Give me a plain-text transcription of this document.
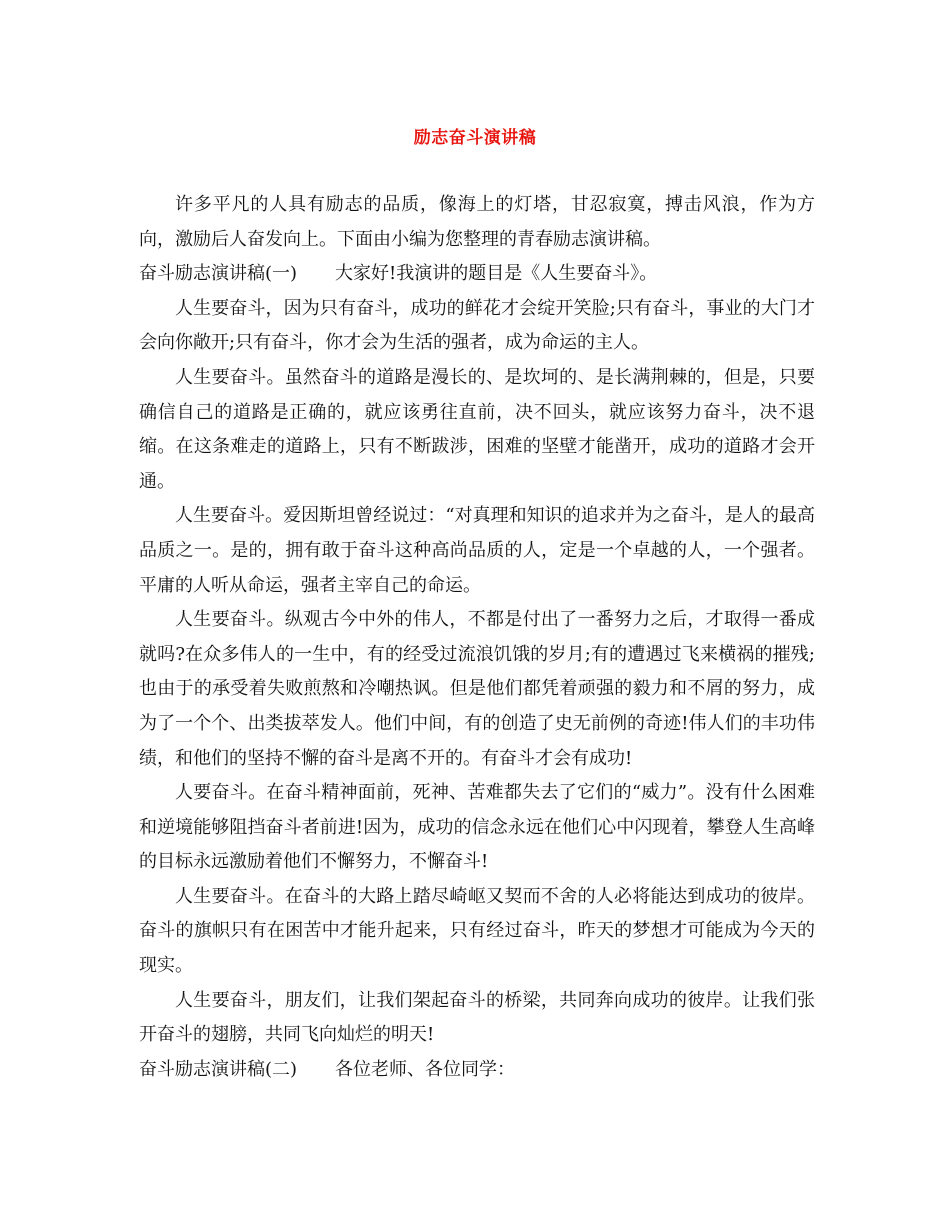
励志奋斗演讲稿

许多平凡的人具有励志的品质，像海上的灯塔，甘忍寂寞，搏击风浪，作为方向，激励后人奋发向上。下面由小编为您整理的青春励志演讲稿。

奋斗励志演讲稿(一) 大家好!我演讲的题目是《人生要奋斗》。

人生要奋斗，因为只有奋斗，成功的鲜花才会绽开笑脸;只有奋斗，事业的大门才会向你敞开;只有奋斗，你才会为生活的强者，成为命运的主人。

人生要奋斗。虽然奋斗的道路是漫长的、是坎坷的、是长满荆棘的，但是，只要确信自己的道路是正确的，就应该勇往直前，决不回头，就应该努力奋斗，决不退缩。在这条难走的道路上，只有不断跋涉，困难的坚壁才能凿开，成功的道路才会开通。

人生要奋斗。爱因斯坦曾经说过：“对真理和知识的追求并为之奋斗，是人的最高品质之一。是的，拥有敢于奋斗这种高尚品质的人，定是一个卓越的人，一个强者。平庸的人听从命运，强者主宰自己的命运。

人生要奋斗。纵观古今中外的伟人，不都是付出了一番努力之后，才取得一番成就吗?在众多伟人的一生中，有的经受过流浪饥饿的岁月;有的遭遇过飞来横祸的摧残;也由于的承受着失败煎熬和冷嘲热讽。但是他们都凭着顽强的毅力和不屑的努力，成为了一个个、出类拔萃发人。他们中间，有的创造了史无前例的奇迹!伟人们的丰功伟绩，和他们的坚持不懈的奋斗是离不开的。有奋斗才会有成功!

人要奋斗。在奋斗精神面前，死神、苦难都失去了它们的“威力”。没有什么困难和逆境能够阻挡奋斗者前进!因为，成功的信念永远在他们心中闪现着，攀登人生高峰的目标永远激励着他们不懈努力，不懈奋斗!

人生要奋斗。在奋斗的大路上踏尽崎岖又契而不舍的人必将能达到成功的彼岸。奋斗的旗帜只有在困苦中才能升起来，只有经过奋斗，昨天的梦想才可能成为今天的现实。

人生要奋斗，朋友们，让我们架起奋斗的桥梁，共同奔向成功的彼岸。让我们张开奋斗的翅膀，共同飞向灿烂的明天!

奋斗励志演讲稿(二) 各位老师、各位同学：
